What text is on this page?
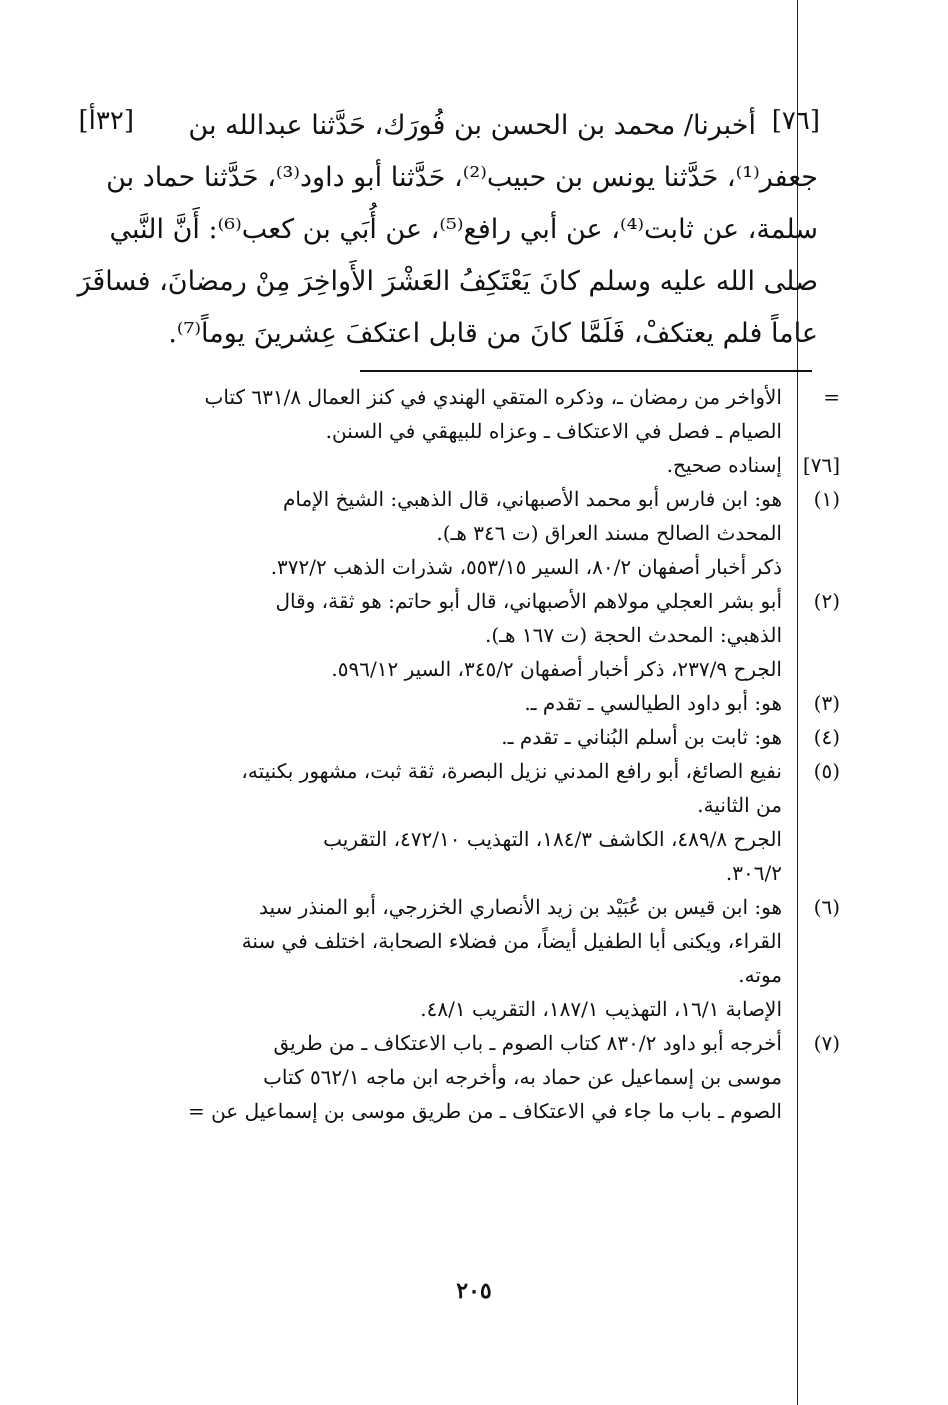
[٣٢أ]	[٧٦]
أخبرنا/ محمد بن الحسن بن فُورَك، حَدَّثنا عبدالله بن
جعفر⁽¹⁾، حَدَّثنا يونس بن حبيب⁽²⁾، حَدَّثنا أبو داود⁽³⁾، حَدَّثنا حماد بن
سلمة، عن ثابت⁽⁴⁾، عن أبي رافع⁽⁵⁾، عن أُبَي بن كعب⁽⁶⁾: أَنَّ النَّبي
صلى الله عليه وسلم كانَ يَعْتَكِفُ العَشْرَ الأَواخِرَ مِنْ رمضانَ، فسافَرَ
عاماً فلم يعتكفْ، فَلَمَّا كانَ من قابل اعتكفَ عِشرينَ يوماً⁽⁷⁾.
=
الأواخر من رمضان ـ، وذكره المتقي الهندي في كنز العمال ٦٣١/٨ كتاب
الصيام ـ فصل في الاعتكاف ـ وعزاه للبيهقي في السنن.
[٧٦]
إسناده صحيح.
(١)
هو: ابن فارس أبو محمد الأصبهاني، قال الذهبي: الشيخ الإمام
المحدث الصالح مسند العراق (ت ٣٤٦ هـ).
ذكر أخبار أصفهان ٨٠/٢، السير ٥٥٣/١٥، شذرات الذهب ٣٧٢/٢.
(٢)
أبو بشر العجلي مولاهم الأصبهاني، قال أبو حاتم: هو ثقة، وقال
الذهبي: المحدث الحجة (ت ١٦٧ هـ).
الجرح ٢٣٧/٩، ذكر أخبار أصفهان ٣٤٥/٢، السير ٥٩٦/١٢.
(٣)
هو: أبو داود الطيالسي ـ تقدم ـ.
(٤)
هو: ثابت بن أسلم البُناني ـ تقدم ـ.
(٥)
نفيع الصائغ، أبو رافع المدني نزيل البصرة، ثقة ثبت، مشهور بكنيته،
من الثانية.
الجرح ٤٨٩/٨، الكاشف ١٨٤/٣، التهذيب ٤٧٢/١٠، التقريب
٣٠٦/٢.
(٦)
هو: ابن قيس بن عُبَيْد بن زيد الأنصاري الخزرجي، أبو المنذر سيد
القراء، ويكنى أبا الطفيل أيضاً، من فضلاء الصحابة، اختلف في سنة
موته.
الإصابة ١٦/١، التهذيب ١٨٧/١، التقريب ٤٨/١.
(٧)
أخرجه أبو داود ٨٣٠/٢ كتاب الصوم ـ باب الاعتكاف ـ من طريق
موسى بن إسماعيل عن حماد به، وأخرجه ابن ماجه ٥٦٢/١ كتاب
الصوم ـ باب ما جاء في الاعتكاف ـ من طريق موسى بن إسماعيل عن =
٢٠٥
